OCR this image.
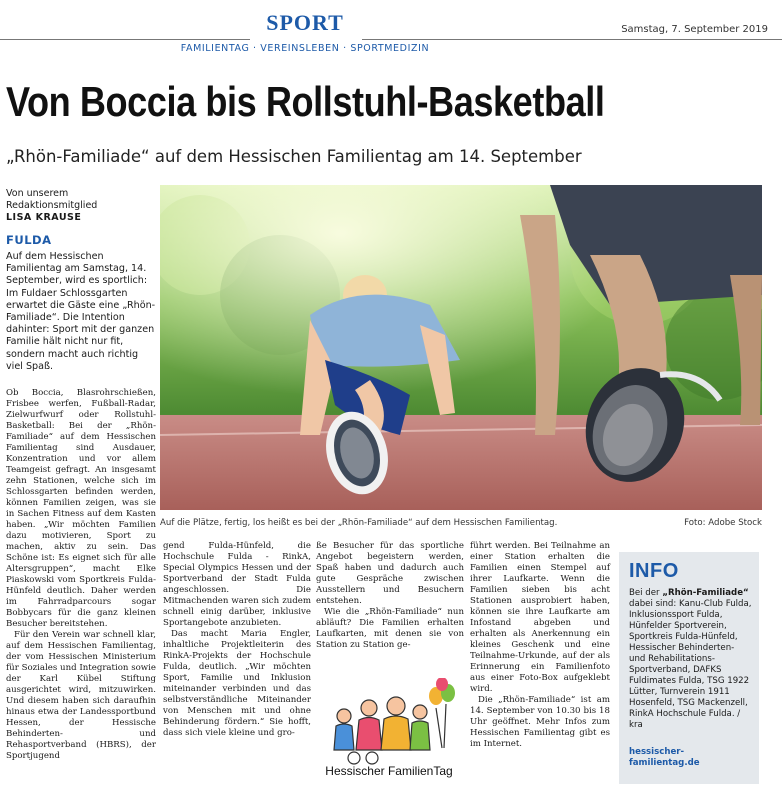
SPORT
FAMILIENTAG · VEREINSLEBEN · SPORTMEDIZIN
Samstag, 7. September 2019
Von Boccia bis Rollstuhl-Basketball
„Rhön-Familiade“ auf dem Hessischen Familientag am 14. September
Von unserem Redaktionsmitglied
LISA KRAUSE
FULDA
Auf dem Hessischen Familientag am Samstag, 14. September, wird es sportlich: Im Fuldaer Schlossgarten erwartet die Gäste eine „Rhön-Familiade“. Die Intention dahinter: Sport mit der ganzen Familie hält nicht nur fit, sondern macht auch richtig viel Spaß.

Ob Boccia, Blasrohrschießen, Frisbee werfen, Fußball-Radar, Zielwurfwurf oder Rollstuhl-Basketball: Bei der „Rhön-Familiade“ auf dem Hessischen Familientag sind Ausdauer, Konzentration und vor allem Teamgeist gefragt. An insgesamt zehn Stationen, welche sich im Schlossgarten befinden werden, können Familien zeigen, was sie in Sachen Fitness auf dem Kasten haben. „Wir möchten Familien dazu motivieren, Sport zu machen, aktiv zu sein. Das Schöne ist: Es eignet sich für alle Altersgruppen“, macht Elke Piaskowski vom Sportkreis Fulda-Hünfeld deutlich. Daher werden im Fahrradparcours sogar Bobbycars für die ganz kleinen Besucher bereitstehen.

Für den Verein war schnell klar, auf dem Hessischen Familientag, der vom Hessischen Ministerium für Soziales und Integration sowie der Karl Kübel Stiftung ausgerichtet wird, mitzuwirken. Und diesem haben sich daraufhin hinaus etwa der Landessportbund Hessen, der Hessische Behinderten- und Rehasportverband (HBRS), der Sportjugend

gend Fulda-Hünfeld, die Hochschule Fulda - RinkA, Special Olympics Hessen und der Sportverband der Stadt Fulda angeschlossen. Die Mitmachenden waren sich zudem schnell einig darüber, inklusive Sportangebote anzubieten.

Das macht Maria Engler, inhaltliche Projektleiterin des RinkA-Projekts der Hochschule Fulda, deutlich. „Wir möchten Sport, Familie und Inklusion miteinander verbinden und das selbstverständliche Miteinander von Menschen mit und ohne Behinderung fördern.“ Sie hofft, dass sich viele kleine und gro-

ße Besucher für das sportliche Angebot begeistern werden, Spaß haben und dadurch auch gute Gespräche zwischen Ausstellern und Besuchern entstehen.

Wie die „Rhön-Familiade“ nun abläuft? Die Familien erhalten Laufkarten, mit denen sie von Station zu Station ge-

führt werden. Bei Teilnahme an einer Station erhalten die Familien einen Stempel auf ihrer Laufkarte. Wenn die Familien sieben bis acht Stationen ausprobiert haben, können sie ihre Laufkarte am Infostand abgeben und erhalten als Anerkennung ein kleines Geschenk und eine Teilnahme-Urkunde, auf der als Erinnerung ein Familienfoto aus einer Foto-Box aufgeklebt wird.

Die „Rhön-Familiade“ ist am 14. September von 10.30 bis 18 Uhr geöffnet. Mehr Infos zum Hessischen Familientag gibt es im Internet.

Auf die Plätze, fertig, los heißt es bei der „Rhön-Familiade“ auf dem Hessischen Familientag.	Foto: Adobe Stock
Hessischer FamilienTag
INFO
Bei der „Rhön-Familiade“ dabei sind: Kanu-Club Fulda, Inklusionssport Fulda, Hünfelder Sportverein, Sportkreis Fulda-Hünfeld, Hessischer Behinderten- und Rehabilitations-Sportverband, DAFKS Fuldimates Fulda, TSG 1922 Lütter, Turnverein 1911 Hosenfeld, TSG Mackenzell, RinkA Hochschule Fulda. / kra
hessischer-familientag.de
